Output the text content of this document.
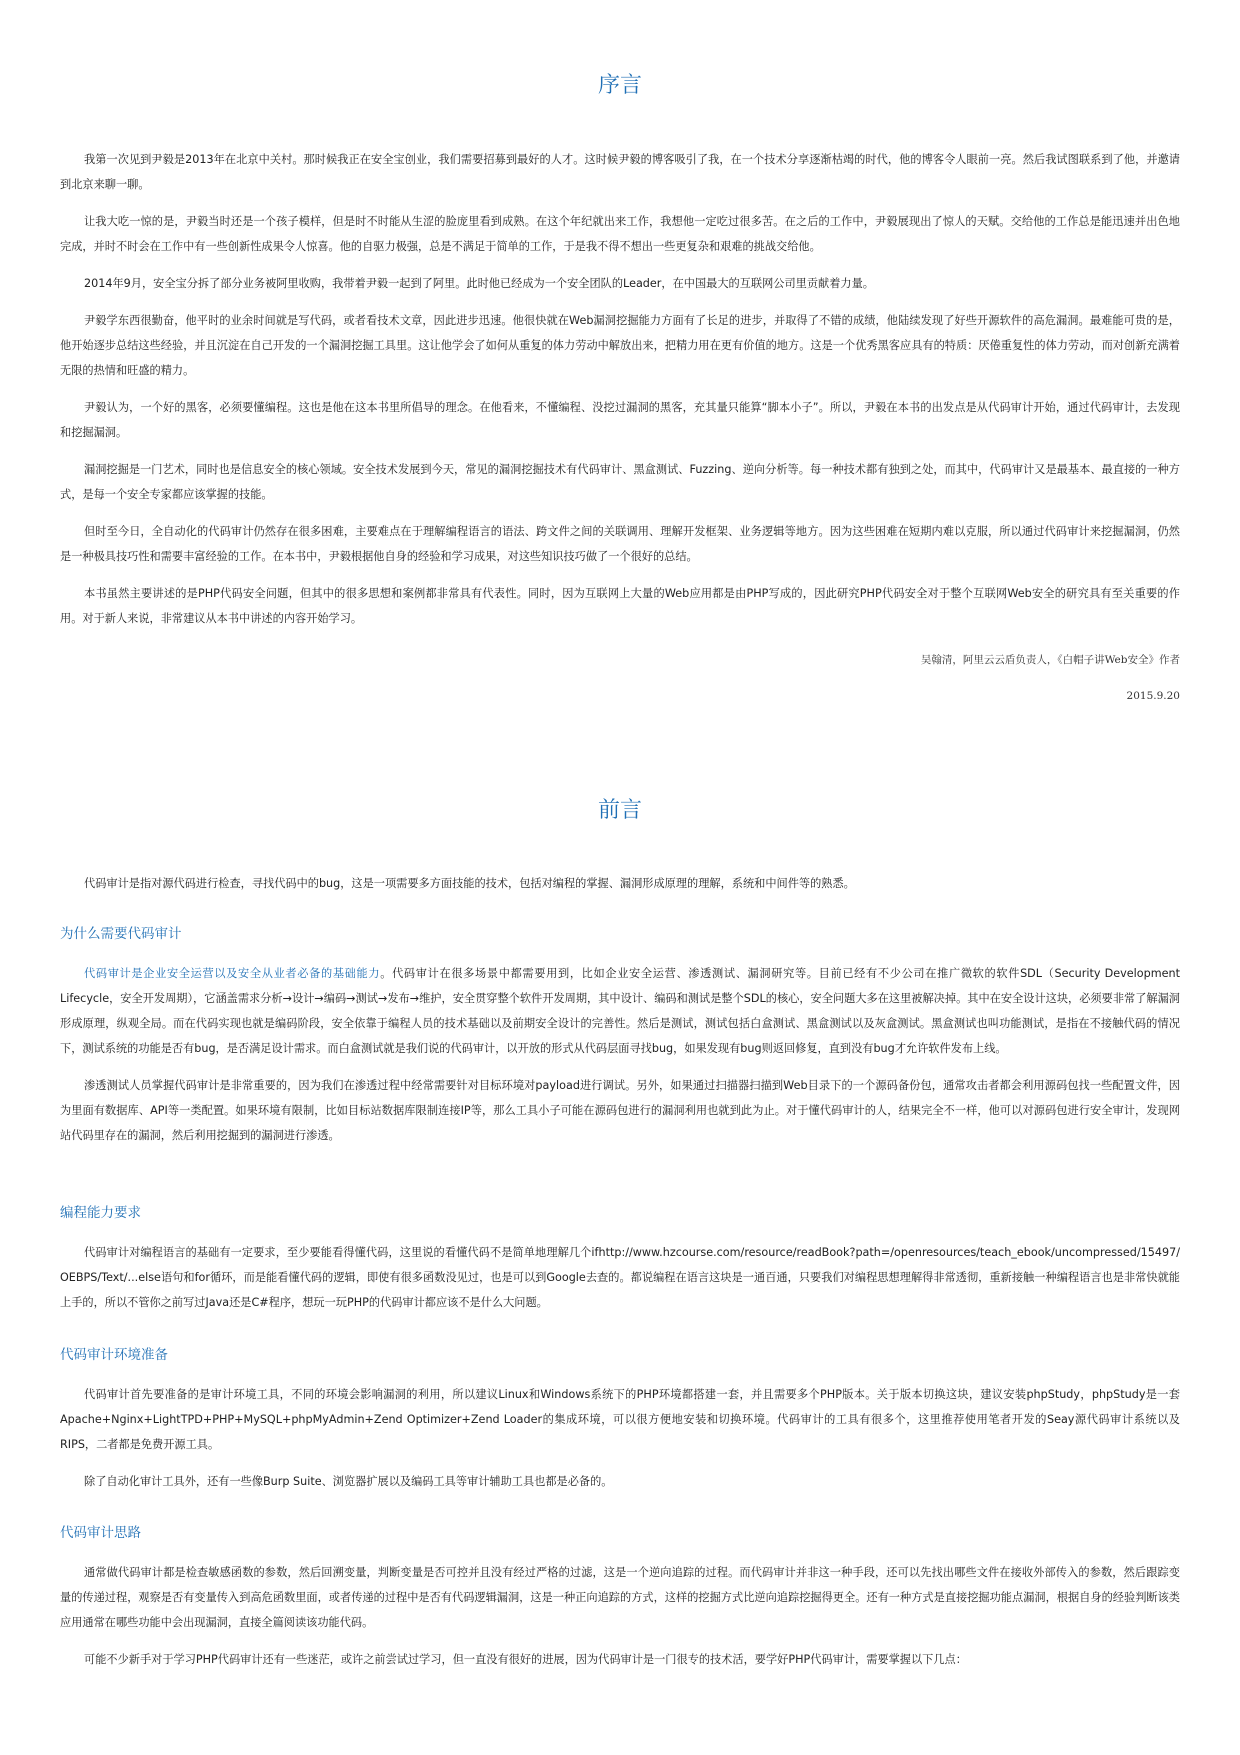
序言

我第一次见到尹毅是2013年在北京中关村。那时候我正在安全宝创业，我们需要招募到最好的人才。这时候尹毅的博客吸引了我，在一个技术分享逐渐枯竭的时代，他的博客令人眼前一亮。然后我试图联系到了他，并邀请到北京来聊一聊。

让我大吃一惊的是，尹毅当时还是一个孩子模样，但是时不时能从生涩的脸庞里看到成熟。在这个年纪就出来工作，我想他一定吃过很多苦。在之后的工作中，尹毅展现出了惊人的天赋。交给他的工作总是能迅速并出色地完成，并时不时会在工作中有一些创新性成果令人惊喜。他的自驱力极强，总是不满足于简单的工作，于是我不得不想出一些更复杂和艰难的挑战交给他。

2014年9月，安全宝分拆了部分业务被阿里收购，我带着尹毅一起到了阿里。此时他已经成为一个安全团队的Leader，在中国最大的互联网公司里贡献着力量。

尹毅学东西很勤奋，他平时的业余时间就是写代码，或者看技术文章，因此进步迅速。他很快就在Web漏洞挖掘能力方面有了长足的进步，并取得了不错的成绩，他陆续发现了好些开源软件的高危漏洞。最难能可贵的是，他开始逐步总结这些经验，并且沉淀在自己开发的一个漏洞挖掘工具里。这让他学会了如何从重复的体力劳动中解放出来，把精力用在更有价值的地方。这是一个优秀黑客应具有的特质：厌倦重复性的体力劳动，而对创新充满着无限的热情和旺盛的精力。

尹毅认为，一个好的黑客，必须要懂编程。这也是他在这本书里所倡导的理念。在他看来，不懂编程、没挖过漏洞的黑客，充其量只能算“脚本小子”。所以，尹毅在本书的出发点是从代码审计开始，通过代码审计，去发现和挖掘漏洞。

漏洞挖掘是一门艺术，同时也是信息安全的核心领域。安全技术发展到今天，常见的漏洞挖掘技术有代码审计、黑盒测试、Fuzzing、逆向分析等。每一种技术都有独到之处，而其中，代码审计又是最基本、最直接的一种方式，是每一个安全专家都应该掌握的技能。

但时至今日，全自动化的代码审计仍然存在很多困难，主要难点在于理解编程语言的语法、跨文件之间的关联调用、理解开发框架、业务逻辑等地方。因为这些困难在短期内难以克服，所以通过代码审计来挖掘漏洞，仍然是一种极具技巧性和需要丰富经验的工作。在本书中，尹毅根据他自身的经验和学习成果，对这些知识技巧做了一个很好的总结。

本书虽然主要讲述的是PHP代码安全问题，但其中的很多思想和案例都非常具有代表性。同时，因为互联网上大量的Web应用都是由PHP写成的，因此研究PHP代码安全对于整个互联网Web安全的研究具有至关重要的作用。对于新人来说，非常建议从本书中讲述的内容开始学习。

吴翰清，阿里云云盾负责人，《白帽子讲Web安全》作者
2015.9.20
前言

代码审计是指对源代码进行检查，寻找代码中的bug，这是一项需要多方面技能的技术，包括对编程的掌握、漏洞形成原理的理解，系统和中间件等的熟悉。

为什么需要代码审计

代码审计是企业安全运营以及安全从业者必备的基础能力。代码审计在很多场景中都需要用到，比如企业安全运营、渗透测试、漏洞研究等。目前已经有不少公司在推广微软的软件SDL（Security Development Lifecycle，安全开发周期），它涵盖需求分析→设计→编码→测试→发布→维护，安全贯穿整个软件开发周期，其中设计、编码和测试是整个SDL的核心，安全问题大多在这里被解决掉。其中在安全设计这块，必须要非常了解漏洞形成原理，纵观全局。而在代码实现也就是编码阶段，安全依靠于编程人员的技术基础以及前期安全设计的完善性。然后是测试，测试包括白盒测试、黑盒测试以及灰盒测试。黑盒测试也叫功能测试，是指在不接触代码的情况下，测试系统的功能是否有bug，是否满足设计需求。而白盒测试就是我们说的代码审计，以开放的形式从代码层面寻找bug，如果发现有bug则返回修复，直到没有bug才允许软件发布上线。

渗透测试人员掌握代码审计是非常重要的，因为我们在渗透过程中经常需要针对目标环境对payload进行调试。另外，如果通过扫描器扫描到Web目录下的一个源码备份包，通常攻击者都会利用源码包找一些配置文件，因为里面有数据库、API等一类配置。如果环境有限制，比如目标站数据库限制连接IP等，那么工具小子可能在源码包进行的漏洞利用也就到此为止。对于懂代码审计的人，结果完全不一样，他可以对源码包进行安全审计，发现网站代码里存在的漏洞，然后利用挖掘到的漏洞进行渗透。

编程能力要求

代码审计对编程语言的基础有一定要求，至少要能看得懂代码，这里说的看懂代码不是简单地理解几个ifhttp://www.hzcourse.com/resource/readBook?path=/openresources/teach_ebook/uncompressed/15497/OEBPS/Text/...else语句和for循环，而是能看懂代码的逻辑，即使有很多函数没见过，也是可以到Google去查的。都说编程在语言这块是一通百通，只要我们对编程思想理解得非常透彻，重新接触一种编程语言也是非常快就能上手的，所以不管你之前写过Java还是C#程序，想玩一玩PHP的代码审计都应该不是什么大问题。

代码审计环境准备

代码审计首先要准备的是审计环境工具，不同的环境会影响漏洞的利用，所以建议Linux和Windows系统下的PHP环境都搭建一套，并且需要多个PHP版本。关于版本切换这块，建议安装phpStudy，phpStudy是一套Apache+Nginx+LightTPD+PHP+MySQL+phpMyAdmin+Zend Optimizer+Zend Loader的集成环境，可以很方便地安装和切换环境。代码审计的工具有很多个，这里推荐使用笔者开发的Seay源代码审计系统以及RIPS，二者都是免费开源工具。

除了自动化审计工具外，还有一些像Burp Suite、浏览器扩展以及编码工具等审计辅助工具也都是必备的。

代码审计思路

通常做代码审计都是检查敏感函数的参数，然后回溯变量，判断变量是否可控并且没有经过严格的过滤，这是一个逆向追踪的过程。而代码审计并非这一种手段，还可以先找出哪些文件在接收外部传入的参数，然后跟踪变量的传递过程，观察是否有变量传入到高危函数里面，或者传递的过程中是否有代码逻辑漏洞，这是一种正向追踪的方式，这样的挖掘方式比逆向追踪挖掘得更全。还有一种方式是直接挖掘功能点漏洞，根据自身的经验判断该类应用通常在哪些功能中会出现漏洞，直接全篇阅读该功能代码。

可能不少新手对于学习PHP代码审计还有一些迷茫，或许之前尝试过学习，但一直没有很好的进展，因为代码审计是一门很专的技术活，要学好PHP代码审计，需要掌握以下几点：
